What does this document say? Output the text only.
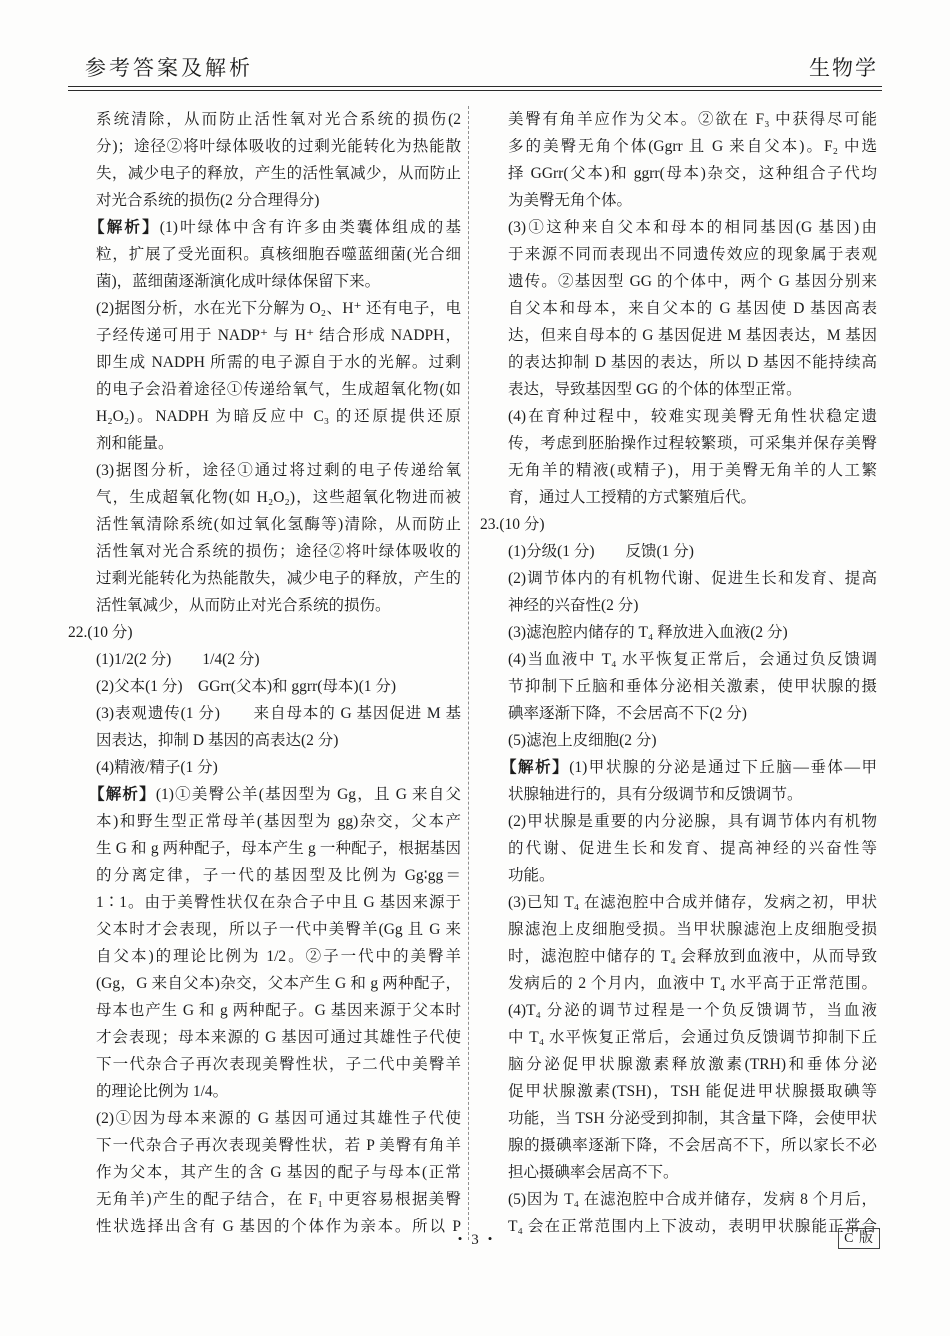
参考答案及解析	生物学
系统清除，从而防止活性氧对光合系统的损伤(2
分)；途径②将叶绿体吸收的过剩光能转化为热能散
失，减少电子的释放，产生的活性氧减少，从而防止
对光合系统的损伤(2 分合理得分)
【解析】(1)叶绿体中含有许多由类囊体组成的基
粒，扩展了受光面积。真核细胞吞噬蓝细菌(光合细
菌)，蓝细菌逐渐演化成叶绿体保留下来。
(2)据图分析，水在光下分解为 O₂、H⁺ 还有电子，电
子经传递可用于 NADP⁺ 与 H⁺ 结合形成 NADPH，
即生成 NADPH 所需的电子源自于水的光解。过剩
的电子会沿着途径①传递给氧气，生成超氧化物(如
H₂O₂)。NADPH 为暗反应中 C₃ 的还原提供还原
剂和能量。
(3)据图分析，途径①通过将过剩的电子传递给氧
气，生成超氧化物(如 H₂O₂)，这些超氧化物进而被
活性氧清除系统(如过氧化氢酶等)清除，从而防止
活性氧对光合系统的损伤；途径②将叶绿体吸收的
过剩光能转化为热能散失，减少电子的释放，产生的
活性氧减少，从而防止对光合系统的损伤。
22.(10 分)
(1)1/2(2 分)　　1/4(2 分)
(2)父本(1 分)　GGrr(父本)和 ggrr(母本)(1 分)
(3)表观遗传(1 分)　　来自母本的 G 基因促进 M 基
因表达，抑制 D 基因的高表达(2 分)
(4)精液/精子(1 分)
【解析】(1)①美臀公羊(基因型为 Gg，且 G 来自父
本)和野生型正常母羊(基因型为 gg)杂交，父本产
生 G 和 g 两种配子，母本产生 g 一种配子，根据基因
的分离定律，子一代的基因型及比例为 Gg∶gg＝
1∶1。由于美臀性状仅在杂合子中且 G 基因来源于
父本时才会表现，所以子一代中美臀羊(Gg 且 G 来
自父本)的理论比例为 1/2。②子一代中的美臀羊
(Gg，G 来自父本)杂交，父本产生 G 和 g 两种配子，
母本也产生 G 和 g 两种配子。G 基因来源于父本时
才会表现；母本来源的 G 基因可通过其雄性子代使
下一代杂合子再次表现美臀性状，子二代中美臀羊
的理论比例为 1/4。
(2)①因为母本来源的 G 基因可通过其雄性子代使
下一代杂合子再次表现美臀性状，若 P 美臀有角羊
作为父本，其产生的含 G 基因的配子与母本(正常
无角羊)产生的配子结合，在 F₁ 中更容易根据美臀
性状选择出含有 G 基因的个体作为亲本。所以 P
美臀有角羊应作为父本。②欲在 F₃ 中获得尽可能
多的美臀无角个体(Ggrr 且 G 来自父本)。F₂ 中选
择 GGrr(父本)和 ggrr(母本)杂交，这种组合子代均
为美臀无角个体。
(3)①这种来自父本和母本的相同基因(G 基因)由
于来源不同而表现出不同遗传效应的现象属于表观
遗传。②基因型 GG 的个体中，两个 G 基因分别来
自父本和母本，来自父本的 G 基因使 D 基因高表
达，但来自母本的 G 基因促进 M 基因表达，M 基因
的表达抑制 D 基因的表达，所以 D 基因不能持续高
表达，导致基因型 GG 的个体的体型正常。
(4)在育种过程中，较难实现美臀无角性状稳定遗
传，考虑到胚胎操作过程较繁琐，可采集并保存美臀
无角羊的精液(或精子)，用于美臀无角羊的人工繁
育，通过人工授精的方式繁殖后代。
23.(10 分)
(1)分级(1 分)　　反馈(1 分)
(2)调节体内的有机物代谢、促进生长和发育、提高
神经的兴奋性(2 分)
(3)滤泡腔内储存的 T₄ 释放进入血液(2 分)
(4)当血液中 T₄ 水平恢复正常后，会通过负反馈调
节抑制下丘脑和垂体分泌相关激素，使甲状腺的摄
碘率逐渐下降，不会居高不下(2 分)
(5)滤泡上皮细胞(2 分)
【解析】(1)甲状腺的分泌是通过下丘脑—垂体—甲
状腺轴进行的，具有分级调节和反馈调节。
(2)甲状腺是重要的内分泌腺，具有调节体内有机物
的代谢、促进生长和发育、提高神经的兴奋性等
功能。
(3)已知 T₄ 在滤泡腔中合成并储存，发病之初，甲状
腺滤泡上皮细胞受损。当甲状腺滤泡上皮细胞受损
时，滤泡腔中储存的 T₄ 会释放到血液中，从而导致
发病后的 2 个月内，血液中 T₄ 水平高于正常范围。
(4)T₄ 分泌的调节过程是一个负反馈调节，当血液
中 T₄ 水平恢复正常后，会通过负反馈调节抑制下丘
脑分泌促甲状腺激素释放激素(TRH)和垂体分泌
促甲状腺激素(TSH)，TSH 能促进甲状腺摄取碘等
功能，当 TSH 分泌受到抑制，其含量下降，会使甲状
腺的摄碘率逐渐下降，不会居高不下，所以家长不必
担心摄碘率会居高不下。
(5)因为 T₄ 在滤泡腔中合成并储存，发病 8 个月后，
T₄ 会在正常范围内上下波动，表明甲状腺能正常合
• 3 •	C 版
